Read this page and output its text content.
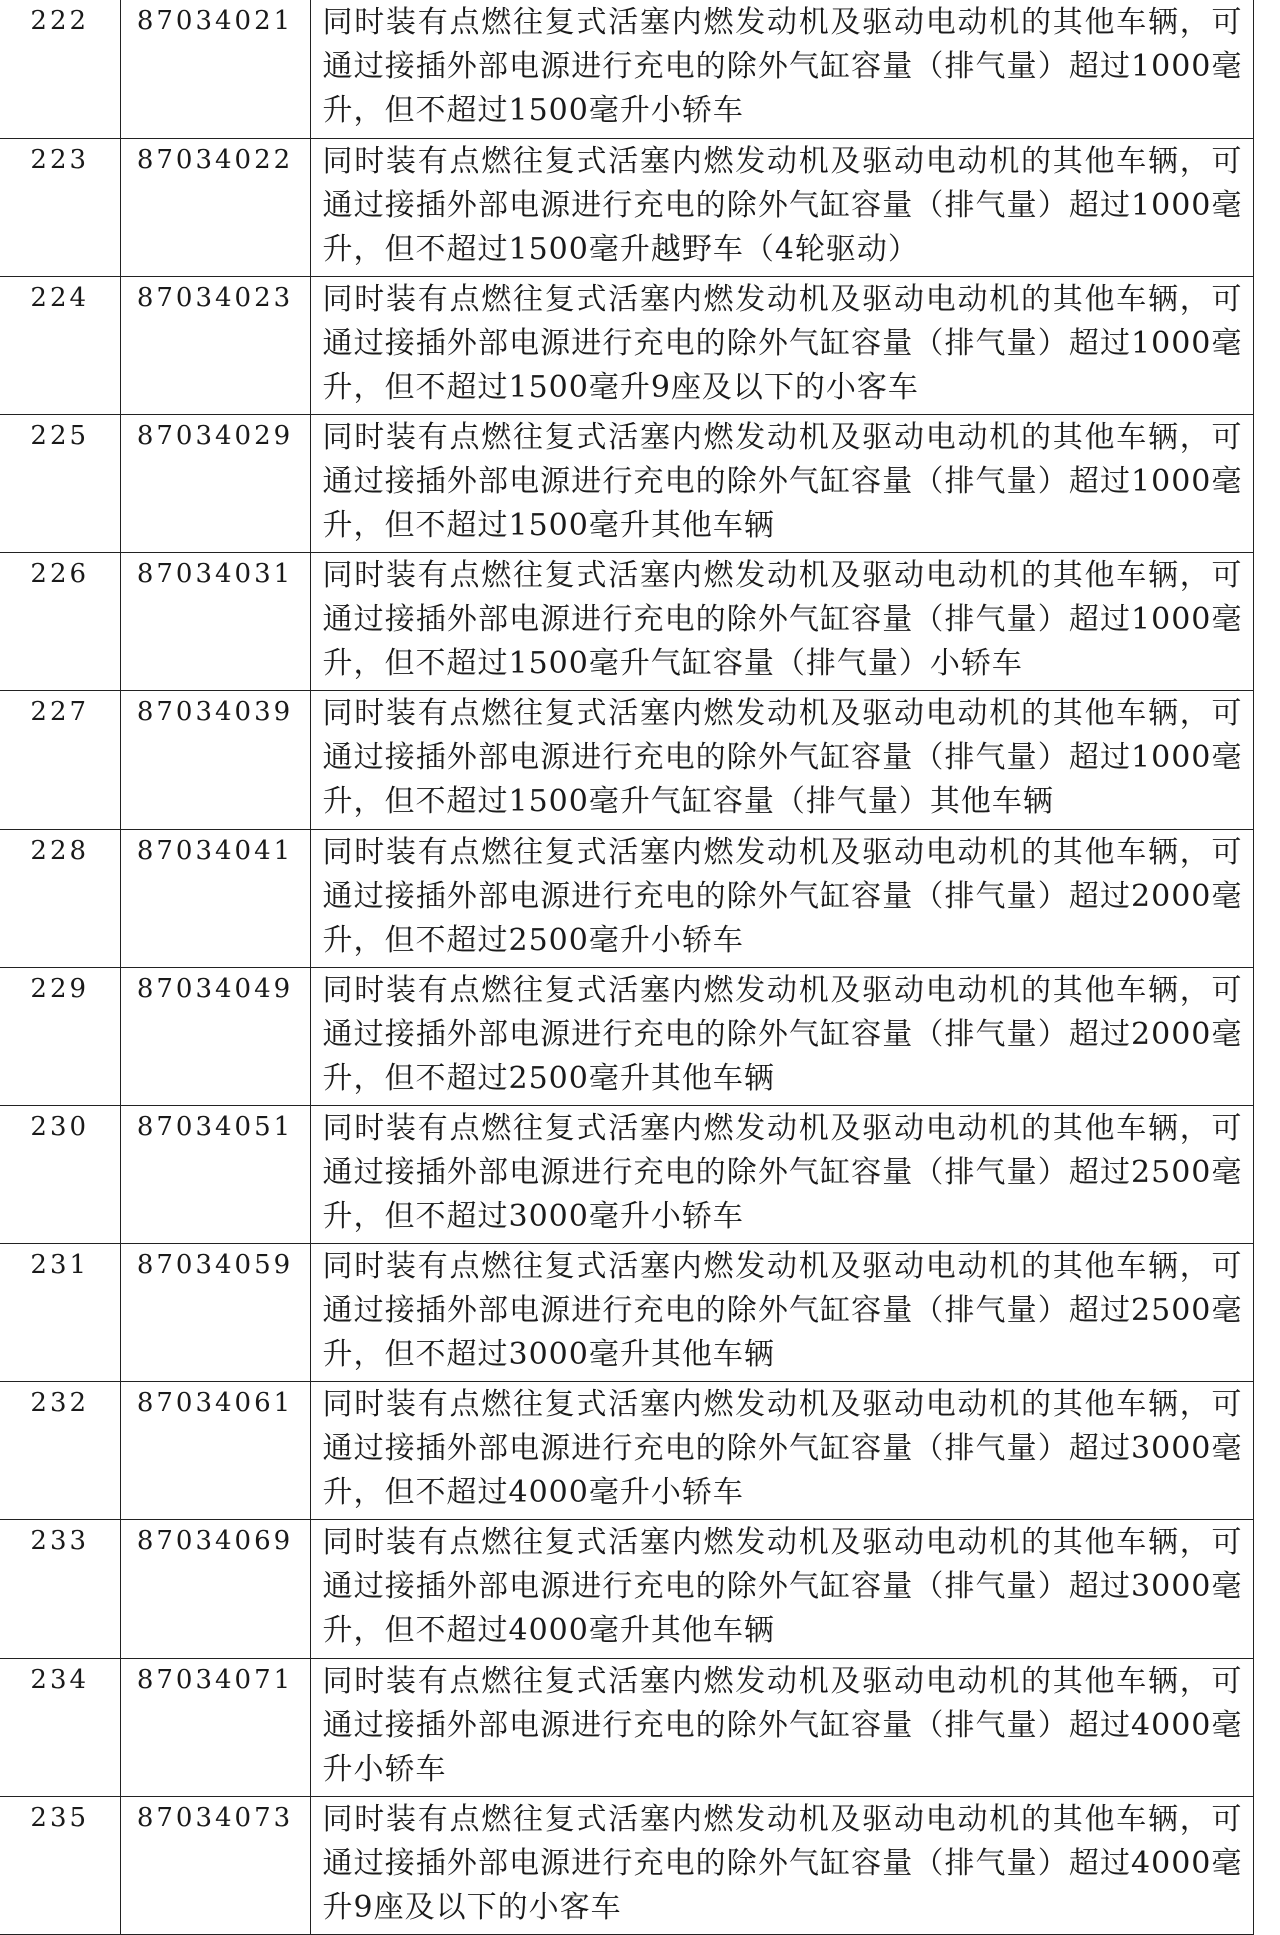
222	87034021	同时装有点燃往复式活塞内燃发动机及驱动电动机的其他车辆，可通过接插外部电源进行充电的除外气缸容量（排气量）超过1000毫升，但不超过1500毫升小轿车	
223	87034022	同时装有点燃往复式活塞内燃发动机及驱动电动机的其他车辆，可通过接插外部电源进行充电的除外气缸容量（排气量）超过1000毫升，但不超过1500毫升越野车（4轮驱动）	
224	87034023	同时装有点燃往复式活塞内燃发动机及驱动电动机的其他车辆，可通过接插外部电源进行充电的除外气缸容量（排气量）超过1000毫升，但不超过1500毫升9座及以下的小客车	
225	87034029	同时装有点燃往复式活塞内燃发动机及驱动电动机的其他车辆，可通过接插外部电源进行充电的除外气缸容量（排气量）超过1000毫升，但不超过1500毫升其他车辆	
226	87034031	同时装有点燃往复式活塞内燃发动机及驱动电动机的其他车辆，可通过接插外部电源进行充电的除外气缸容量（排气量）超过1000毫升，但不超过1500毫升气缸容量（排气量）小轿车	
227	87034039	同时装有点燃往复式活塞内燃发动机及驱动电动机的其他车辆，可通过接插外部电源进行充电的除外气缸容量（排气量）超过1000毫升，但不超过1500毫升气缸容量（排气量）其他车辆	
228	87034041	同时装有点燃往复式活塞内燃发动机及驱动电动机的其他车辆，可通过接插外部电源进行充电的除外气缸容量（排气量）超过2000毫升，但不超过2500毫升小轿车	
229	87034049	同时装有点燃往复式活塞内燃发动机及驱动电动机的其他车辆，可通过接插外部电源进行充电的除外气缸容量（排气量）超过2000毫升，但不超过2500毫升其他车辆	
230	87034051	同时装有点燃往复式活塞内燃发动机及驱动电动机的其他车辆，可通过接插外部电源进行充电的除外气缸容量（排气量）超过2500毫升，但不超过3000毫升小轿车	
231	87034059	同时装有点燃往复式活塞内燃发动机及驱动电动机的其他车辆，可通过接插外部电源进行充电的除外气缸容量（排气量）超过2500毫升，但不超过3000毫升其他车辆	
232	87034061	同时装有点燃往复式活塞内燃发动机及驱动电动机的其他车辆，可通过接插外部电源进行充电的除外气缸容量（排气量）超过3000毫升，但不超过4000毫升小轿车	
233	87034069	同时装有点燃往复式活塞内燃发动机及驱动电动机的其他车辆，可通过接插外部电源进行充电的除外气缸容量（排气量）超过3000毫升，但不超过4000毫升其他车辆	
234	87034071	同时装有点燃往复式活塞内燃发动机及驱动电动机的其他车辆，可通过接插外部电源进行充电的除外气缸容量（排气量）超过4000毫升小轿车	
235	87034073	同时装有点燃往复式活塞内燃发动机及驱动电动机的其他车辆，可通过接插外部电源进行充电的除外气缸容量（排气量）超过4000毫升9座及以下的小客车	
